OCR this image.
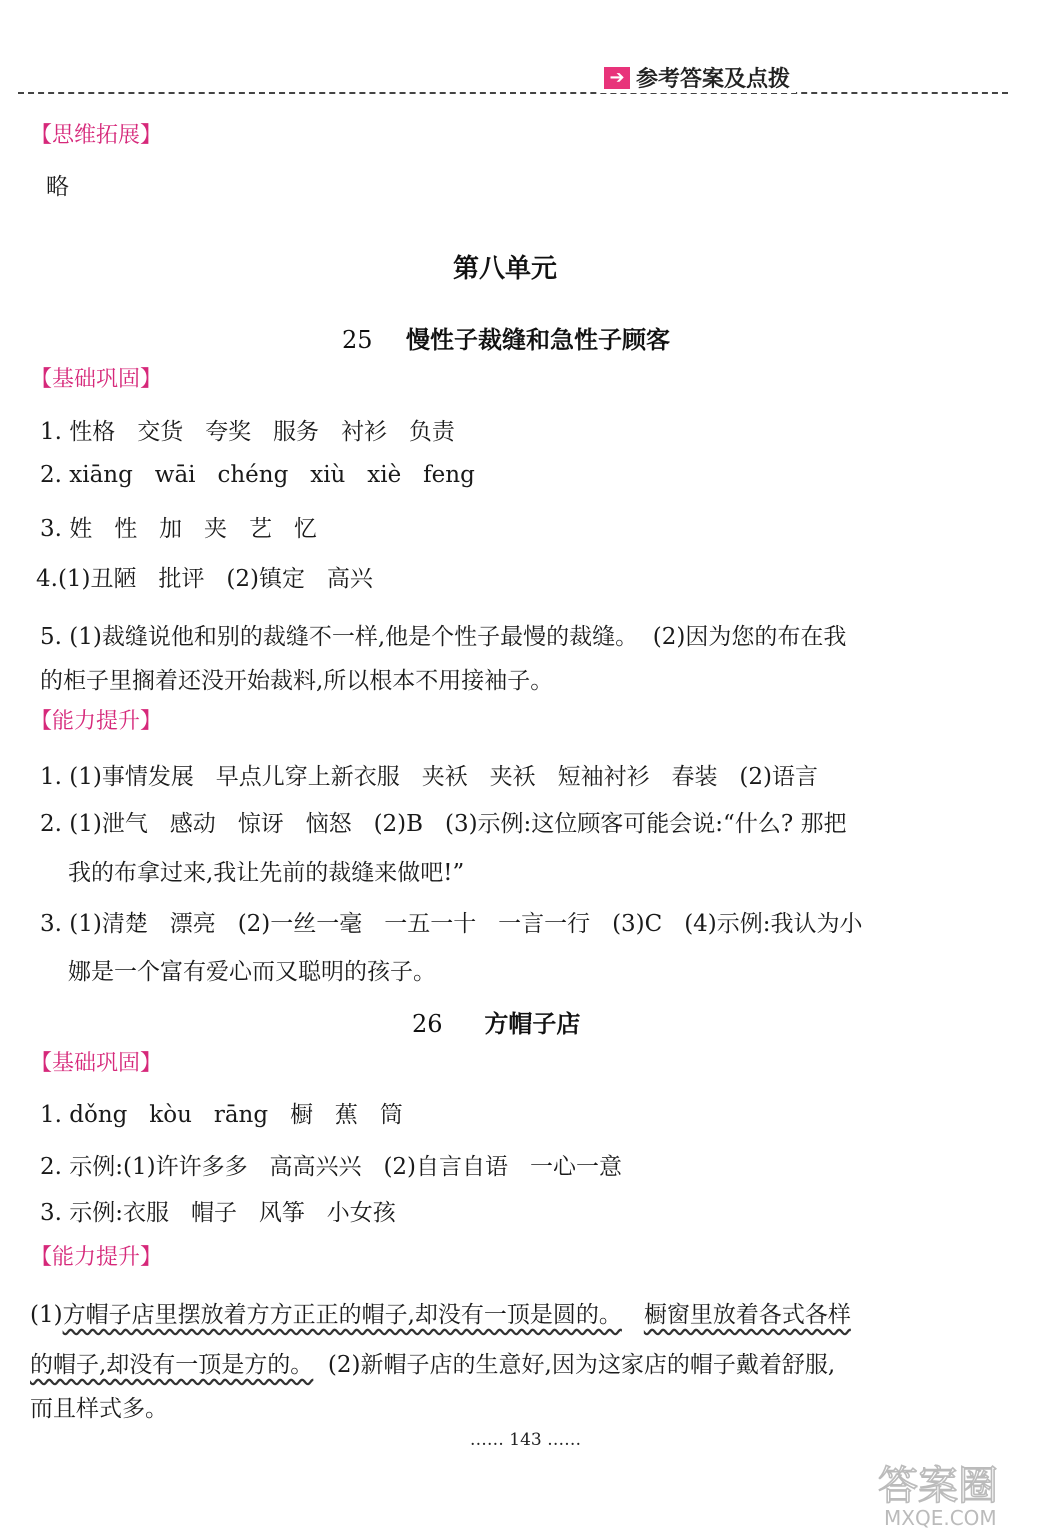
➔ 参考答案及点拨
【思维拓展】
略
第八单元
25 慢性子裁缝和急性子顾客
【基础巩固】
1. 性格   交货   夸奖   服务   衬衫   负责
2. xiāng   wāi   chéng   xiù   xiè   feng
3. 姓   性   加   夹   艺   忆
4.(1)丑陋   批评   (2)镇定   高兴
5. (1)裁缝说他和别的裁缝不一样,他是个性子最慢的裁缝。  (2)因为您的布在我
的柜子里搁着还没开始裁料,所以根本不用接袖子。
【能力提升】
1. (1)事情发展   早点儿穿上新衣服   夹袄   夹袄   短袖衬衫   春装   (2)语言
2. (1)泄气   感动   惊讶   恼怒   (2)B   (3)示例:这位顾客可能会说:“什么? 那把
我的布拿过来,我让先前的裁缝来做吧!”
3. (1)清楚   漂亮   (2)一丝一毫   一五一十   一言一行   (3)C   (4)示例:我认为小
娜是一个富有爱心而又聪明的孩子。
26 方帽子店
【基础巩固】
1. dǒng   kòu   rāng   橱   蕉   筒
2. 示例:(1)许许多多   高高兴兴   (2)自言自语   一心一意
3. 示例:衣服   帽子   风筝   小女孩
【能力提升】
(1)方帽子店里摆放着方方正正的帽子,却没有一顶是圆的。 橱窗里放着各式各样
的帽子,却没有一顶是方的。  (2)新帽子店的生意好,因为这家店的帽子戴着舒服,
而且样式多。
…… 143 ……
答案圈
MXQE.COM
